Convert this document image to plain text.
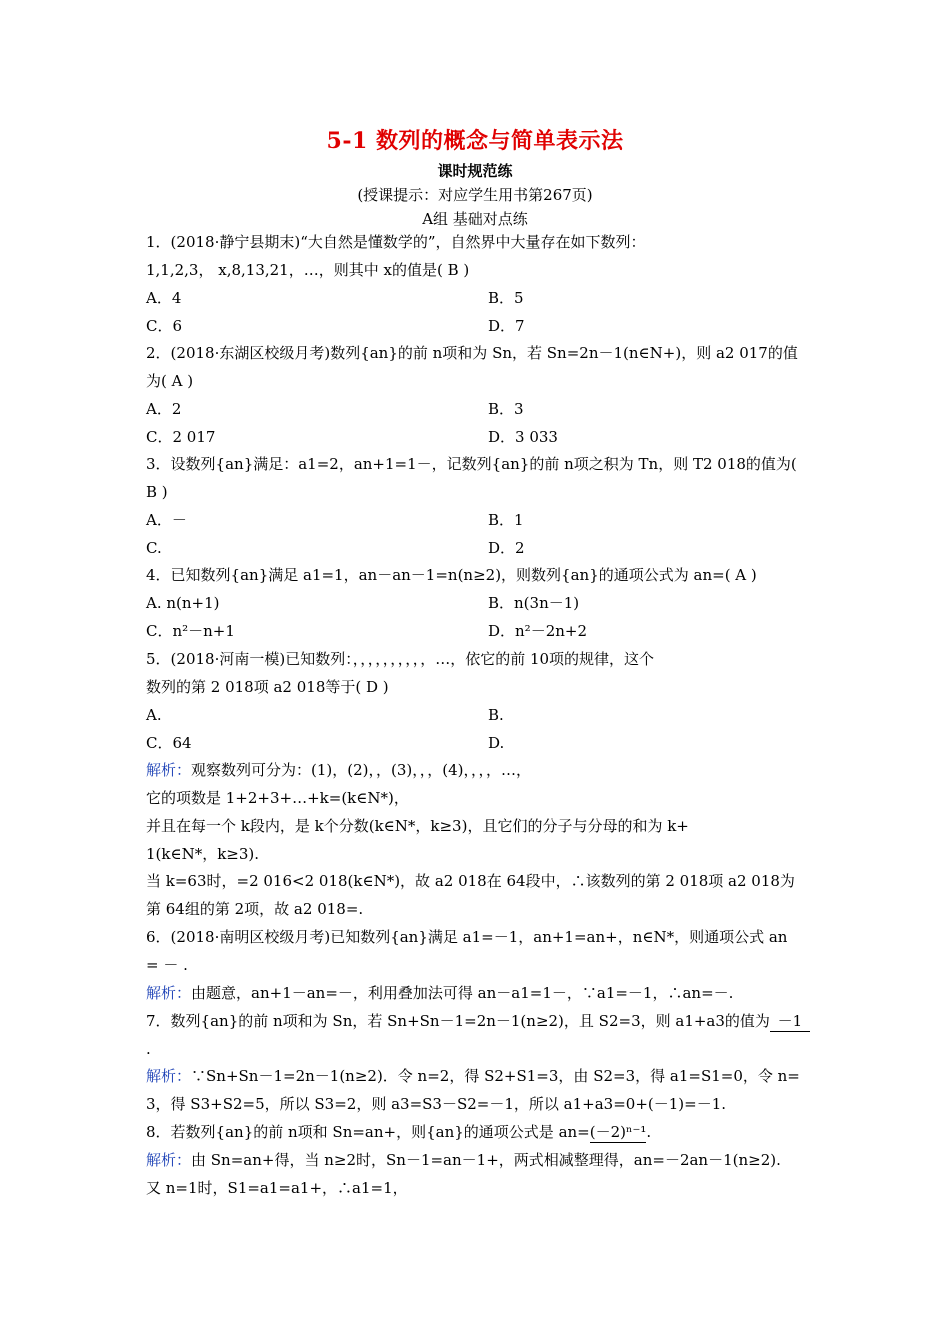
5-1 数列的概念与简单表示法
课时规范练
(授课提示：对应学生用书第267页)
A组 基础对点练
1．(2018·静宁县期末)“大自然是懂数学的”，自然界中大量存在如下数列：
1,1,2,3， x,8,13,21，…，则其中 x的值是( B )
A．4	B．5
C．6	D．7
2．(2018·东湖区校级月考)数列{an}的前 n项和为 Sn，若 Sn=2n－1(n∈N+)，则 a2 017的值
为( A )
A．2	B．3
C．2 017	D．3 033
3．设数列{an}满足：a1=2，an+1=1－，记数列{an}的前 n项之积为 Tn，则 T2 018的值为(
B )
A．－	B．1
C.	D．2
4．已知数列{an}满足 a1=1，an－an－1=n(n≥2)，则数列{an}的通项公式为 an=( A )
A. n(n+1)	B．n(3n－1)
C．n²－n+1	D．n²－2n+2
5．(2018·河南一模)已知数列：，，，，，，，，，，…，依它的前 10项的规律，这个
数列的第 2 018项 a2 018等于( D )
A.	B.
C．64	D.
解析：观察数列可分为：(1)，(2)，，(3)，，，(4)，，，，…，
它的项数是 1+2+3+…+k=(k∈N*)，
并且在每一个 k段内，是 k个分数(k∈N*，k≥3)，且它们的分子与分母的和为 k+
1(k∈N*，k≥3).
当 k=63时，=2 016<2 018(k∈N*)，故 a2 018在 64段中，∴该数列的第 2 018项 a2 018为
第 64组的第 2项，故 a2 018=.
6．(2018·南明区校级月考)已知数列{an}满足 a1=－1，an+1=an+，n∈N*，则通项公式 an
= － .
解析：由题意，an+1－an=－，利用叠加法可得 an－a1=1－，∵a1=－1，∴an=－.
7．数列{an}的前 n项和为 Sn，若 Sn+Sn－1=2n－1(n≥2)，且 S2=3，则 a1+a3的值为 －1
.
解析：∵Sn+Sn－1=2n－1(n≥2)．令 n=2，得 S2+S1=3，由 S2=3，得 a1=S1=0，令 n=
3，得 S3+S2=5，所以 S3=2，则 a3=S3－S2=－1，所以 a1+a3=0+(－1)=－1.
8．若数列{an}的前 n项和 Sn=an+，则{an}的通项公式是 an=(－2)ⁿ⁻¹.
解析：由 Sn=an+得，当 n≥2时，Sn－1=an－1+，两式相减整理得，an=－2an－1(n≥2).
又 n=1时，S1=a1=a1+，∴a1=1，
